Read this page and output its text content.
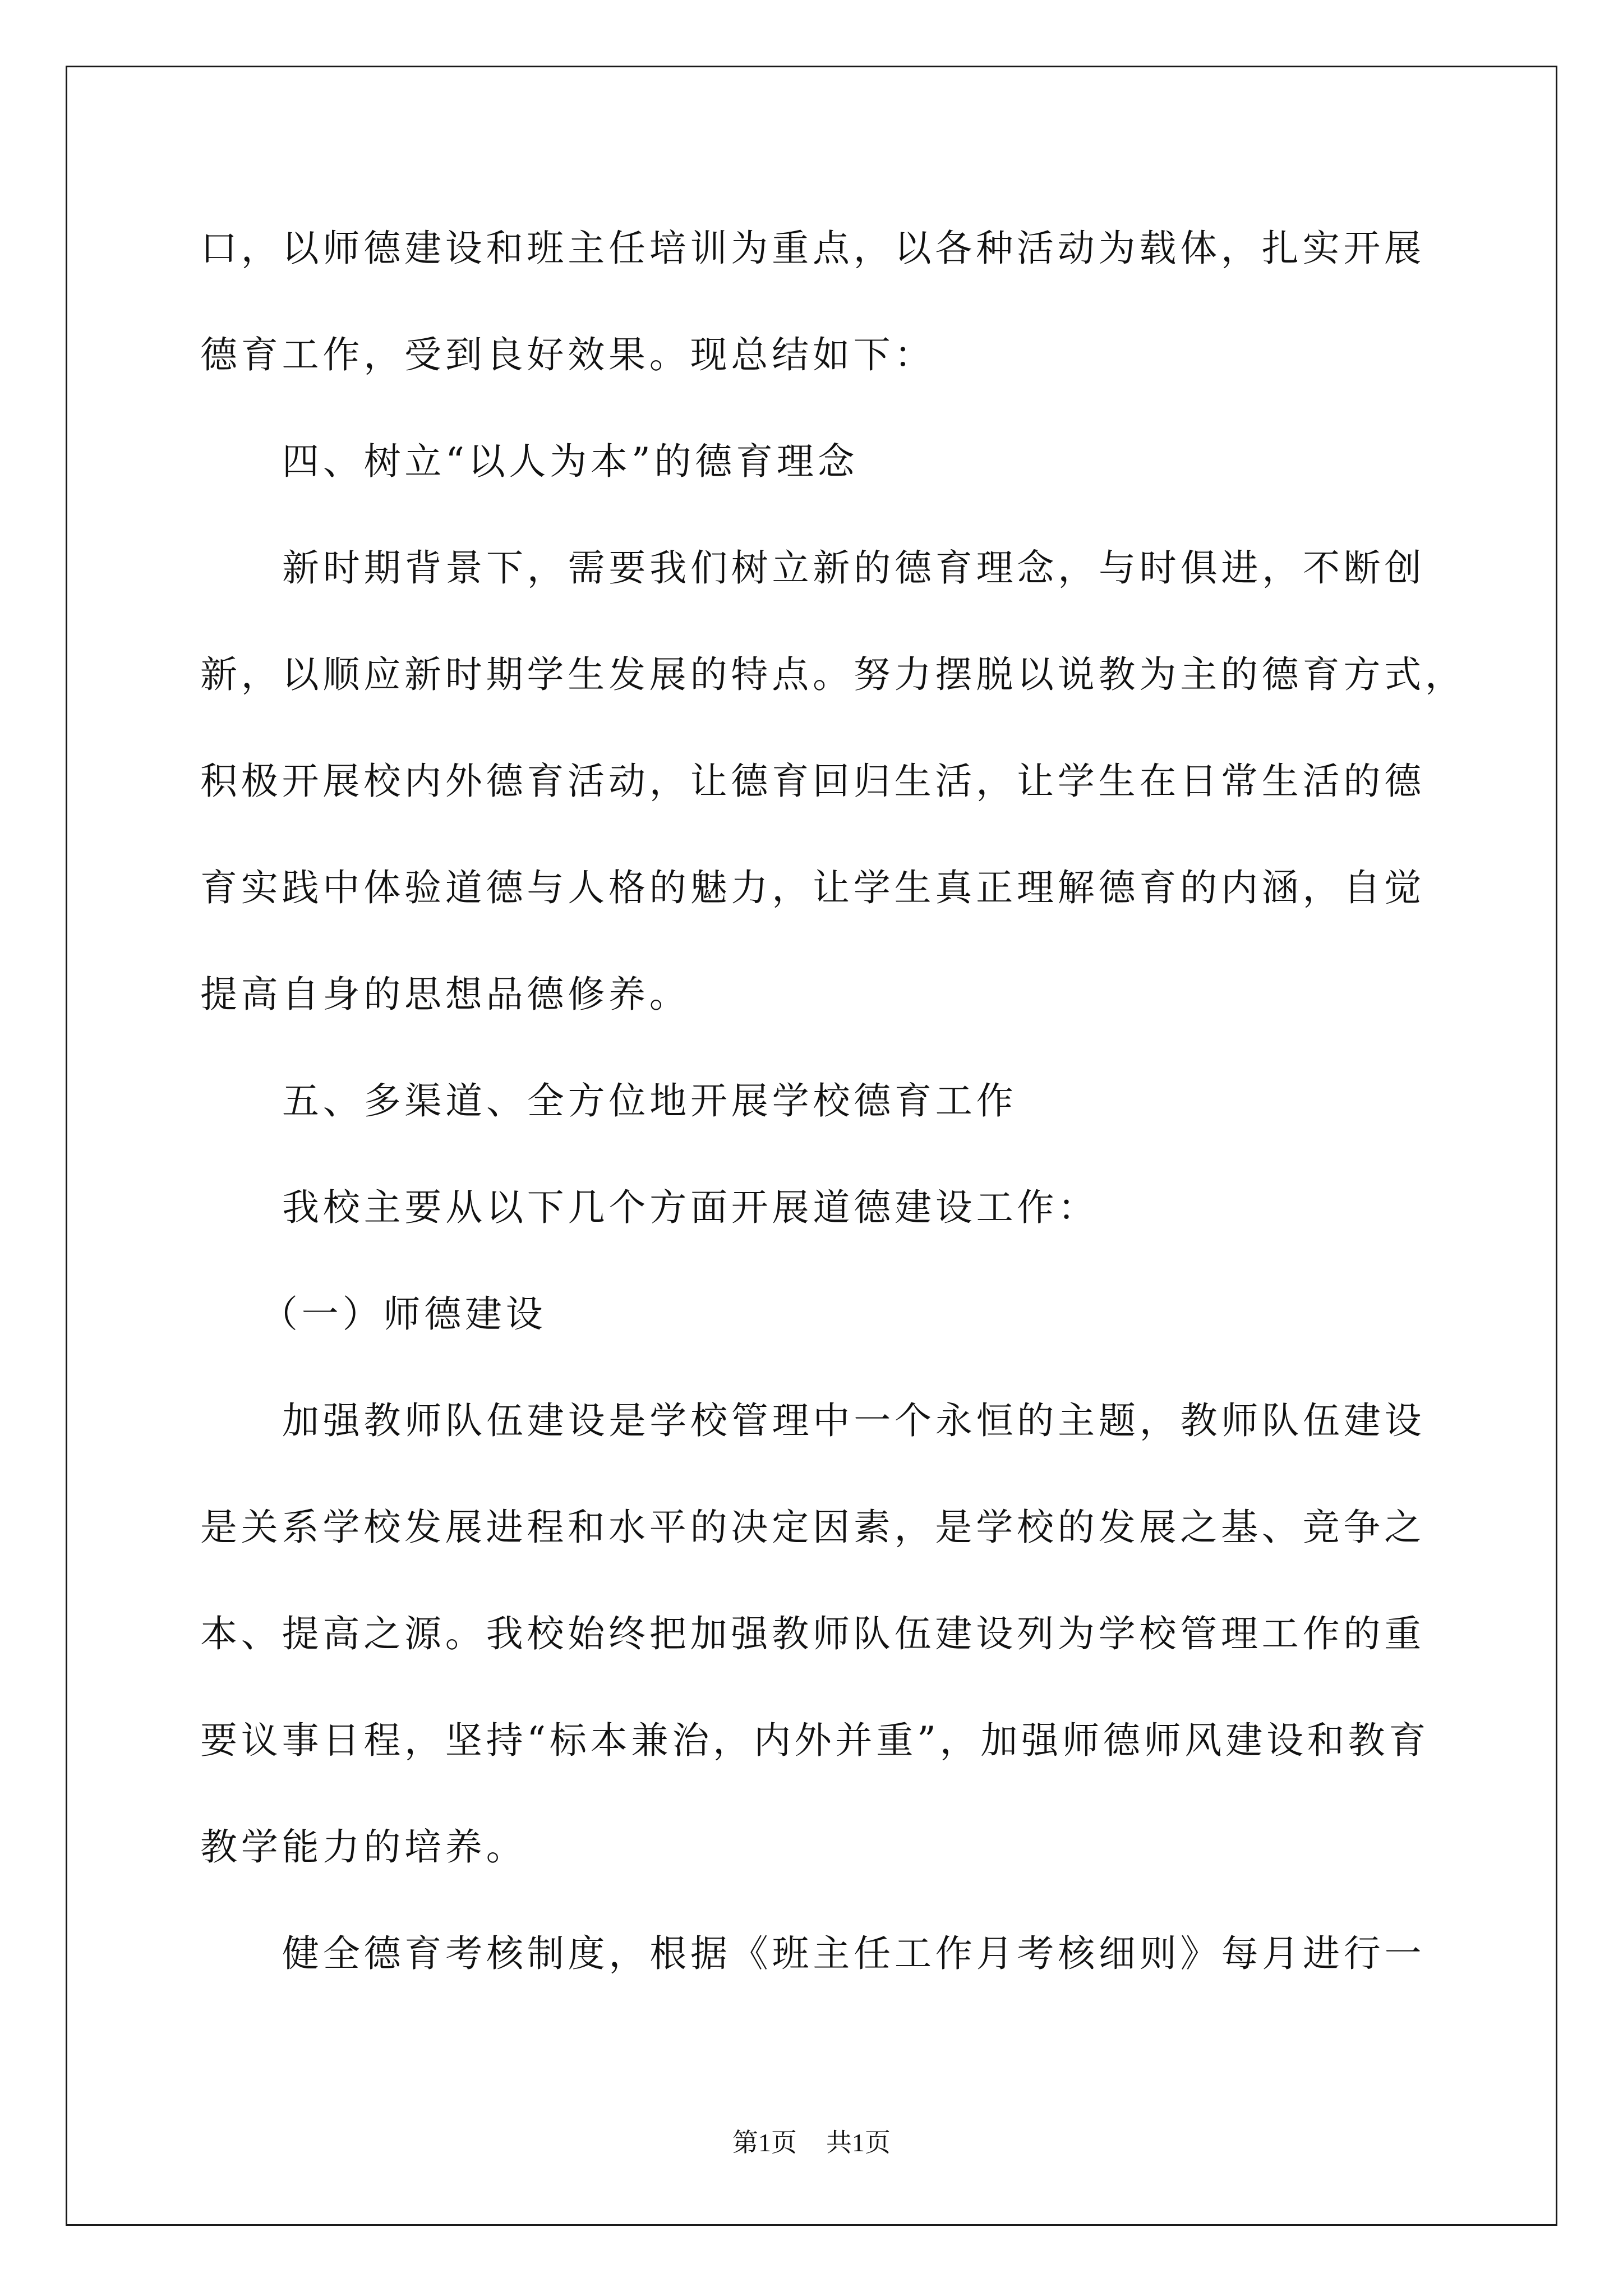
口，以师德建设和班主任培训为重点，以各种活动为载体，扎实开展
德育工作，受到良好效果。现总结如下：
四、树立“以人为本”的德育理念
新时期背景下，需要我们树立新的德育理念，与时俱进，不断创
新，以顺应新时期学生发展的特点。努力摆脱以说教为主的德育方式，
积极开展校内外德育活动，让德育回归生活，让学生在日常生活的德
育实践中体验道德与人格的魅力，让学生真正理解德育的内涵，自觉
提高自身的思想品德修养。
五、多渠道、全方位地开展学校德育工作
我校主要从以下几个方面开展道德建设工作：
（一）师德建设
加强教师队伍建设是学校管理中一个永恒的主题，教师队伍建设
是关系学校发展进程和水平的决定因素，是学校的发展之基、竞争之
本、提高之源。我校始终把加强教师队伍建设列为学校管理工作的重
要议事日程，坚持“标本兼治，内外并重”，加强师德师风建设和教育
教学能力的培养。
健全德育考核制度，根据《班主任工作月考核细则》每月进行一
第1页 共1页
